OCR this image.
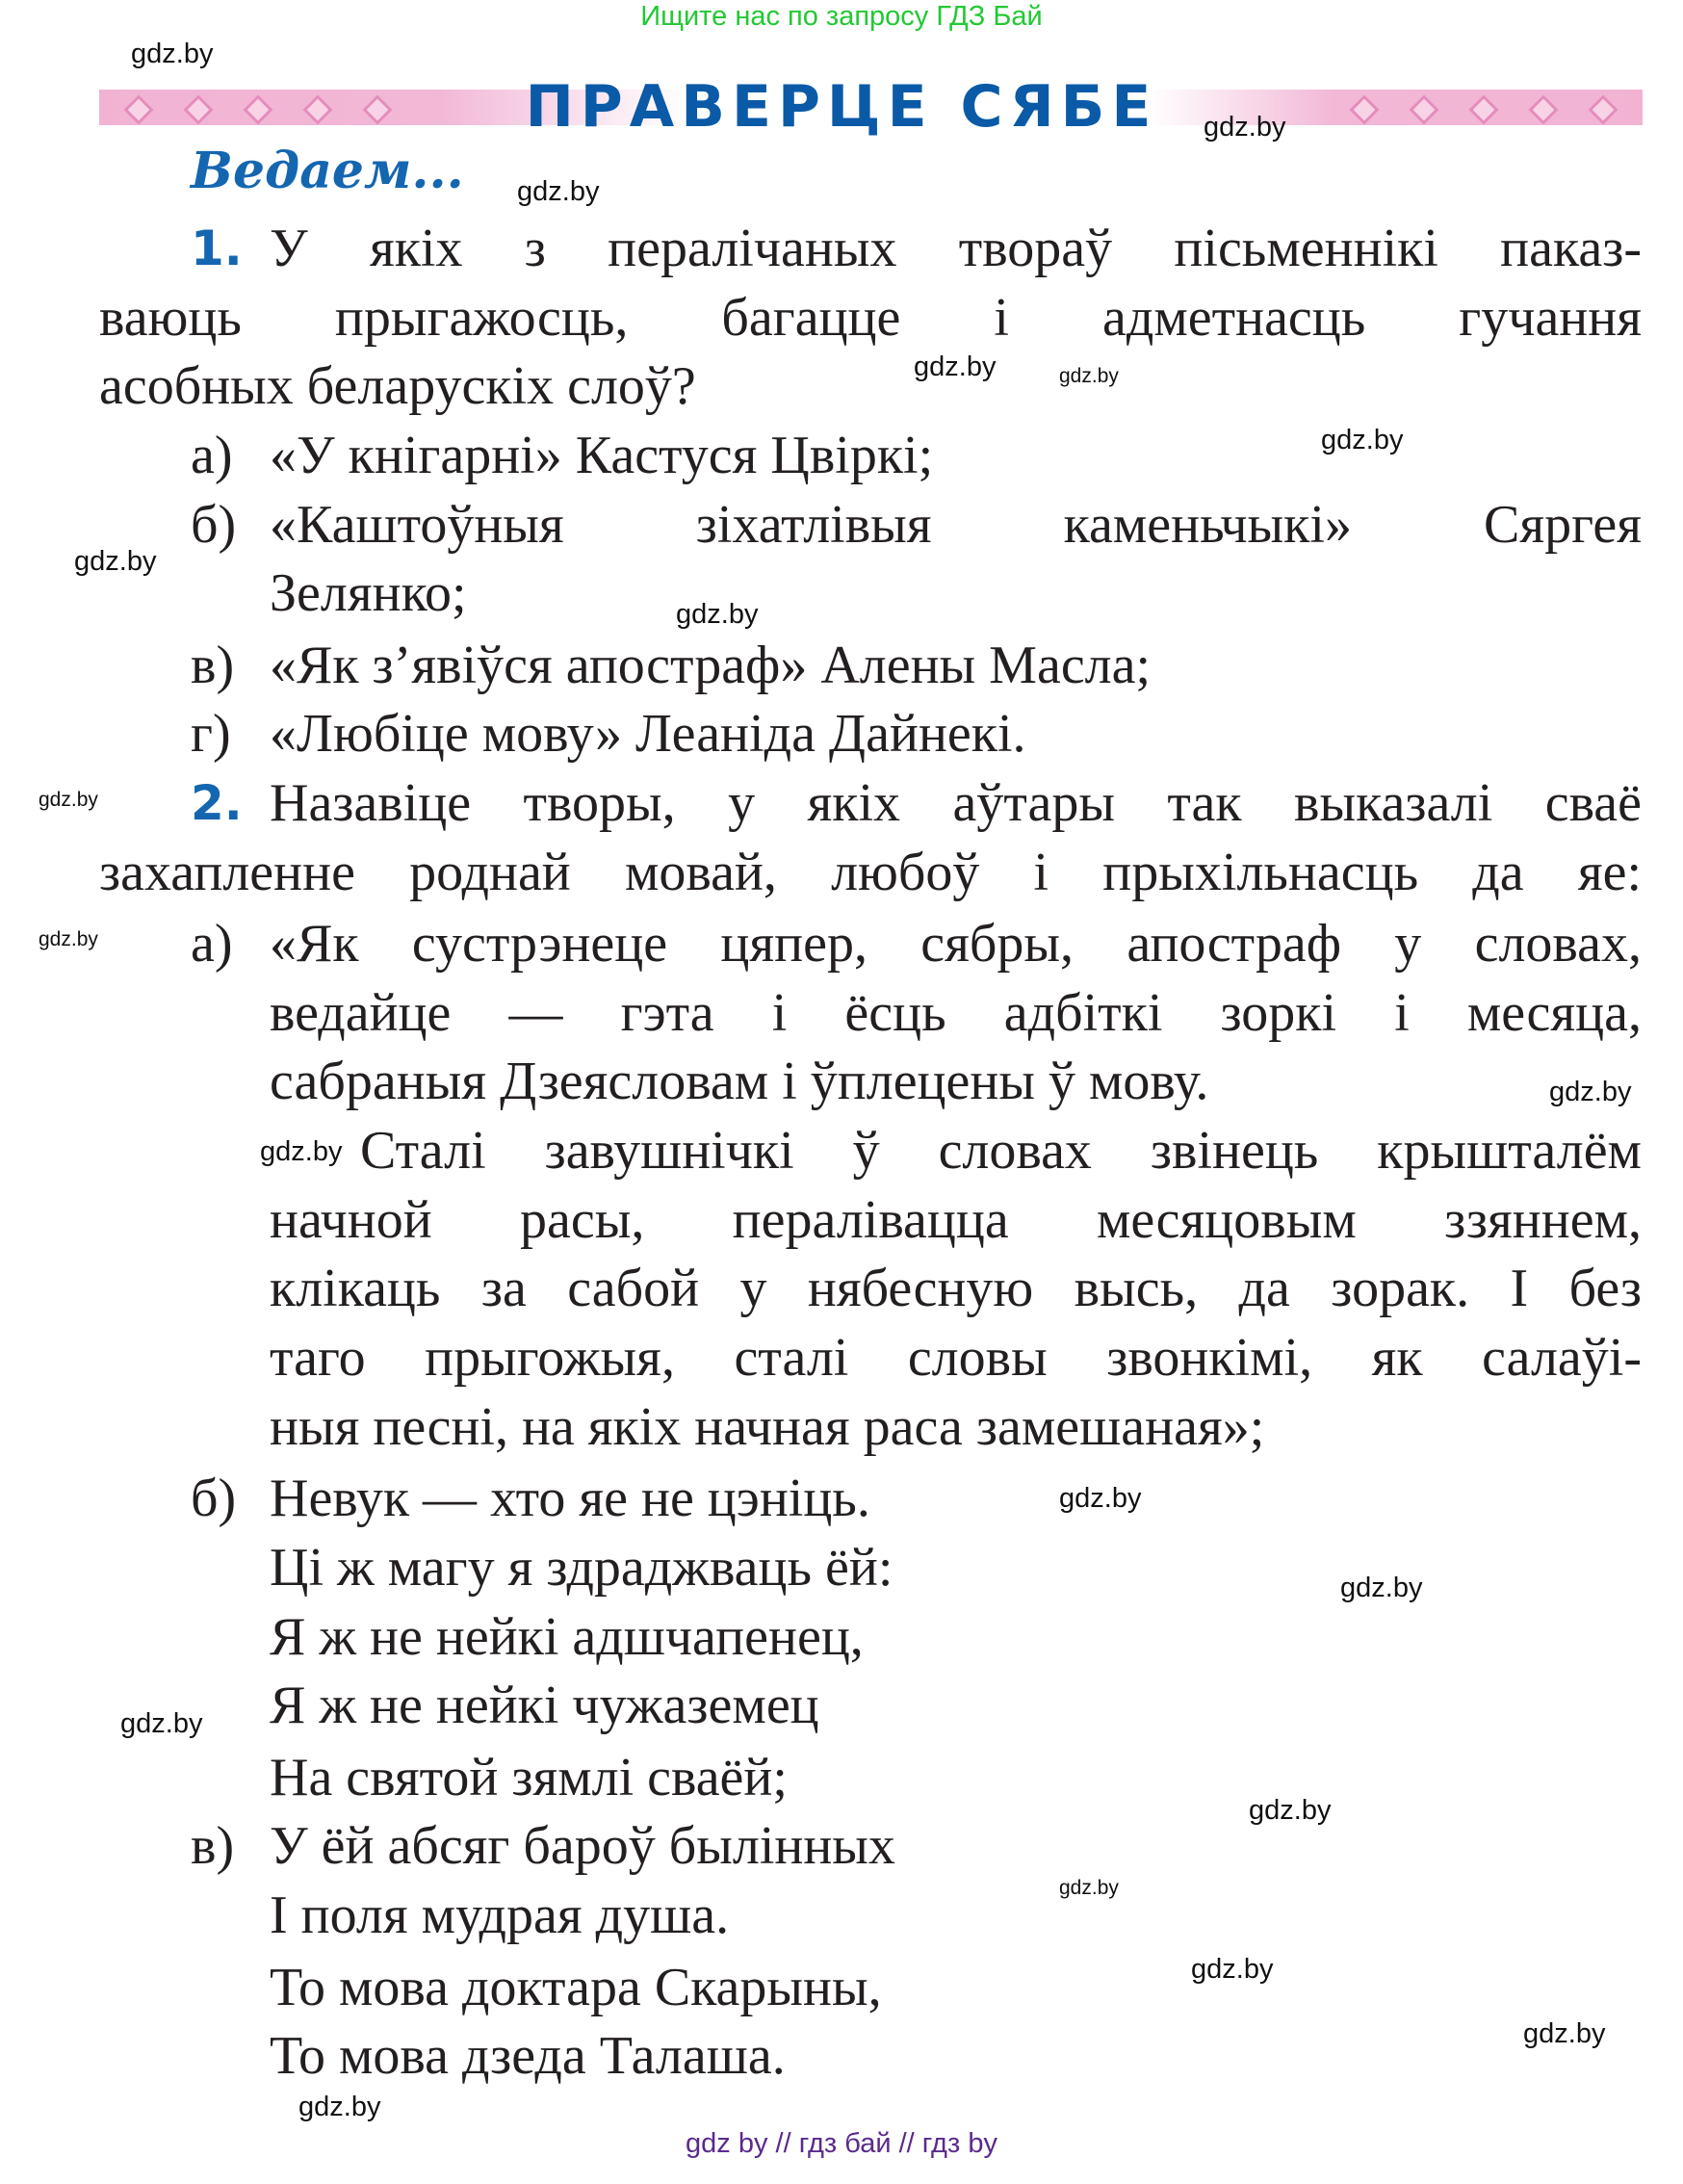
Ищите нас по запросу ГДЗ Бай
ПРАВЕРЦЕ СЯБЕ
Ведаем...
1. У якіх з пералічаных твораў пісьменнікі паказ-
ваюць прыгажосць, багацце і адметнасць гучання
асобных беларускіх слоў?
а) «У кнігарні» Кастуся Цвіркі;
б) «Каштоўныя зіхатлівыя каменьчыкі» Сяргея
Зелянко;
в) «Як з’явіўся апостраф» Алены Масла;
г) «Любіце мову» Леаніда Дайнекі.
2. Назавіце творы, у якіх аўтары так выказалі сваё
захапленне роднай мовай, любоў і прыхільнасць да яе:
а) «Як сустрэнеце цяпер, сябры, апостраф у словах,
ведайце — гэта і ёсць адбіткі зоркі і месяца,
сабраныя Дзеясловам і ўплецены ў мову.
Сталі завушнічкі ў словах звінець крышталём
начной расы, пералівацца месяцовым ззяннем,
клікаць за сабой у нябесную высь, да зорак. І без
таго прыгожыя, сталі словы звонкімі, як салаўі-
ныя песні, на якіх начная раса замешаная»;
б) Невук — хто яе не цэніць.
Ці ж магу я здраджваць ёй:
Я ж не нейкі адшчапенец,
Я ж не нейкі чужаземец
На святой зямлі сваёй;
в) У ёй абсяг бароў былінных
І поля мудрая душа.
То мова доктара Скарыны,
То мова дзеда Талаша.
gdz.by
gdz.by
gdz.by
gdz.by
gdz.by
gdz.by
gdz.by
gdz.by
gdz.by
gdz.by
gdz.by
gdz.by
gdz.by
gdz.by
gdz.by
gdz.by
gdz.by
gdz.by
gdz.by
gdz.by
gdz by // гдз бай // гдз by
